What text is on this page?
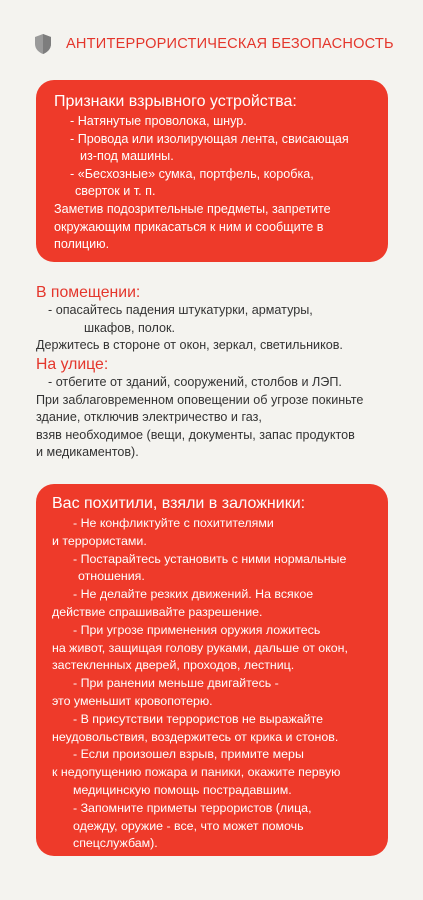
АНТИТЕРРОРИСТИЧЕСКАЯ БЕЗОПАСНОСТЬ
Признаки взрывного устройства:
- Натянутые проволока, шнур.
- Провода или изолирующая лента, свисающая
из-под машины.
- «Бесхозные» сумка, портфель, коробка,
сверток и т. п.
Заметив подозрительные предметы, запретите
окружающим прикасаться к ним и сообщите в
полицию.
В помещении:
- опасайтесь падения штукатурки, арматуры,
шкафов, полок.
Держитесь в стороне от окон, зеркал, светильников.
На улице:
- отбегите от зданий, сооружений, столбов и ЛЭП.
При заблаговременном оповещении об угрозе покиньте
здание, отключив электричество и газ,
взяв необходимое (вещи, документы, запас продуктов
и медикаментов).
Вас похитили, взяли в заложники:
- Не конфликтуйте с похитителями
и террористами.
- Постарайтесь установить с ними нормальные
отношения.
- Не делайте резких движений. На всякое
действие спрашивайте разрешение.
- При угрозе применения оружия ложитесь
на живот, защищая голову руками, дальше от окон,
застекленных дверей, проходов, лестниц.
- При ранении меньше двигайтесь -
это уменьшит кровопотерю.
- В присутствии террористов не выражайте
неудовольствия, воздержитесь от крика и стонов.
- Если произошел взрыв, примите меры
к недопущению пожара и паники, окажите первую
медицинскую помощь пострадавшим.
- Запомните приметы террористов (лица,
одежду, оружие - все, что может помочь
спецслужбам).
